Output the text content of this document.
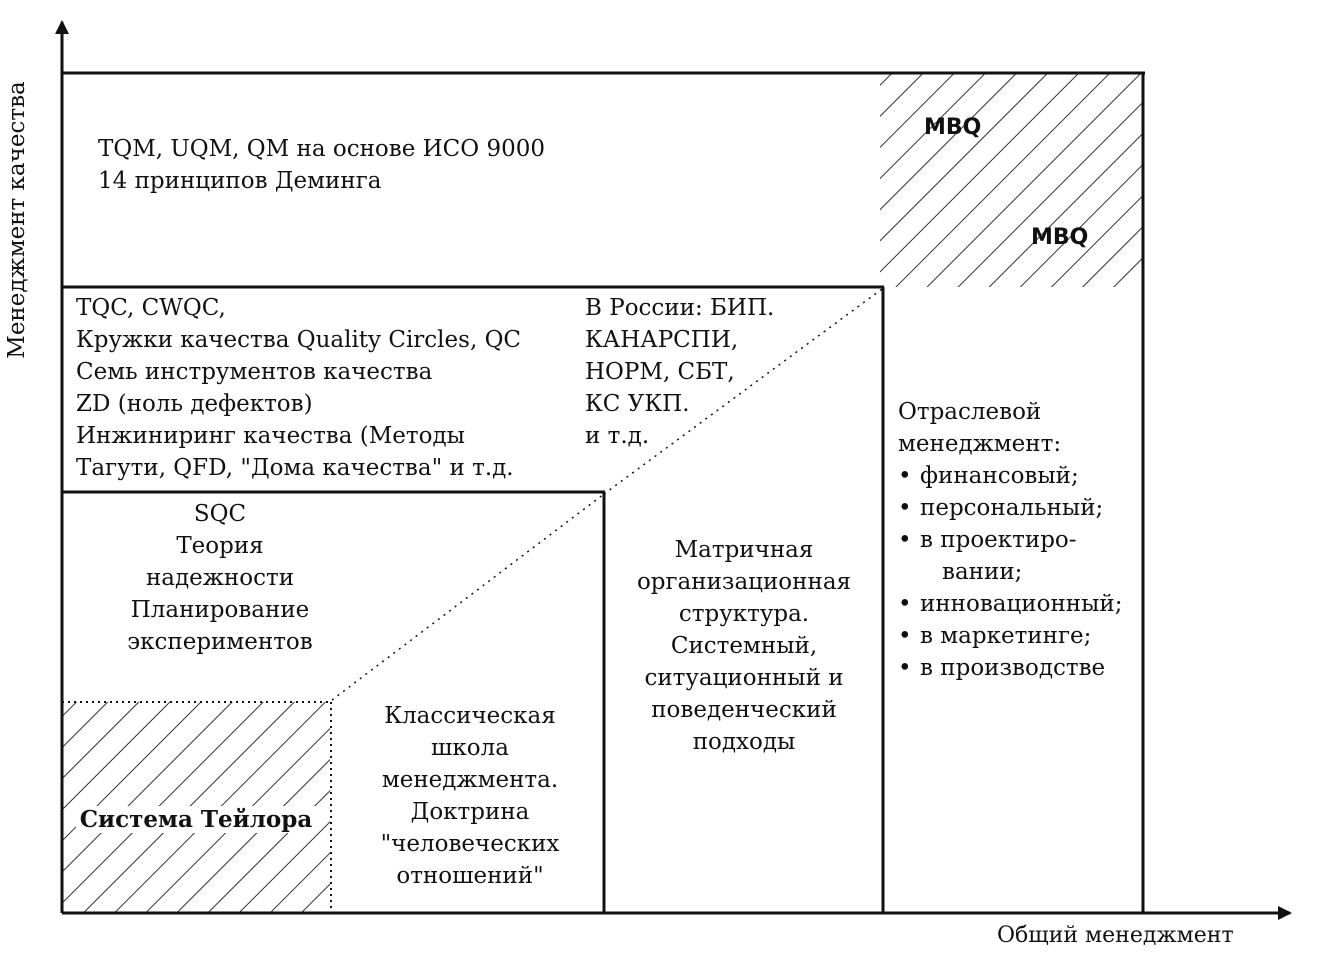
Менеджмент качества
Общий менеджмент
TQM, UQM, QM на основе ИСО 9000
14 принципов Деминга
MBQ
MBQ
TQC, CWQC,
Кружки качества Quality Circles, QC
Семь инструментов качества
ZD (ноль дефектов)
Инжиниринг качества (Методы
Тагути, QFD, "Дома качества" и т.д.
В России: БИП.
КАНАРСПИ,
НОРМ, СБТ,
КС УКП.
и т.д.
SQC
Теория
надежности
Планирование
экспериментов
Система Тейлора
Классическая
школа
менеджмента.
Доктрина
"человеческих
отношений"
Матричная
организационная
структура.
Системный,
ситуационный и
поведенческий
подходы
Отраслевой
менеджмент:
• финансовый;
• персональный;
• в проектиро-
вании;
• инновационный;
• в маркетинге;
• в производстве
